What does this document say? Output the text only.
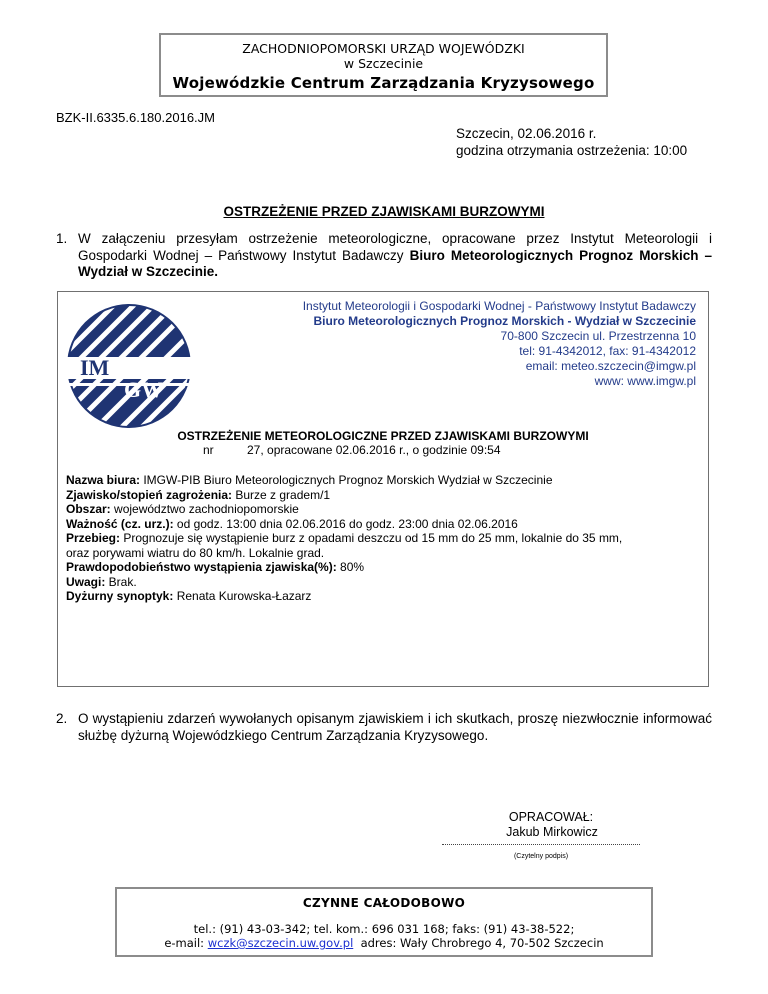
ZACHODNIOPOMORSKI URZĄD WOJEWÓDZKI
w Szczecinie
Wojewódzkie Centrum Zarządzania Kryzysowego
BZK-II.6335.6.180.2016.JM
Szczecin, 02.06.2016 r.
godzina otrzymania ostrzeżenia: 10:00
OSTRZEŻENIE PRZED ZJAWISKAMI BURZOWYMI
1. W załączeniu przesyłam ostrzeżenie meteorologiczne, opracowane przez Instytut Meteorologii i Gospodarki Wodnej – Państwowy Instytut Badawczy Biuro Meteorologicznych Prognoz Morskich – Wydział w Szczecinie.
IM
GW
Instytut Meteorologii i Gospodarki Wodnej - Państwowy Instytut Badawczy
Biuro Meteorologicznych Prognoz Morskich - Wydział w Szczecinie
70-800 Szczecin ul. Przestrzenna 10
tel: 91-4342012, fax: 91-4342012
email: meteo.szczecin@imgw.pl
www: www.imgw.pl
OSTRZEŻENIE METEOROLOGICZNE PRZED ZJAWISKAMI BURZOWYMI
nr	27, opracowane 02.06.2016 r., o godzinie 09:54
Nazwa biura: IMGW-PIB Biuro Meteorologicznych Prognoz Morskich Wydział w Szczecinie
Zjawisko/stopień zagrożenia: Burze z gradem/1
Obszar: województwo zachodniopomorskie
Ważność (cz. urz.): od godz. 13:00 dnia 02.06.2016 do godz. 23:00 dnia 02.06.2016
Przebieg: Prognozuje się wystąpienie burz z opadami deszczu od 15 mm do 25 mm, lokalnie do 35 mm,
oraz porywami wiatru do 80 km/h. Lokalnie grad.
Prawdopodobieństwo wystąpienia zjawiska(%): 80%
Uwagi: Brak.
Dyżurny synoptyk: Renata Kurowska-Łazarz
2. O wystąpieniu zdarzeń wywołanych opisanym zjawiskiem i ich skutkach, proszę niezwłocznie informować służbę dyżurną Wojewódzkiego Centrum Zarządzania Kryzysowego.
OPRACOWAŁ:
Jakub Mirkowicz
(Czytelny podpis)
CZYNNE CAŁODOBOWO
tel.: (91) 43-03-342; tel. kom.: 696 031 168; faks: (91) 43-38-522;
e-mail: wczk@szczecin.uw.gov.pl  adres: Wały Chrobrego 4, 70-502 Szczecin
